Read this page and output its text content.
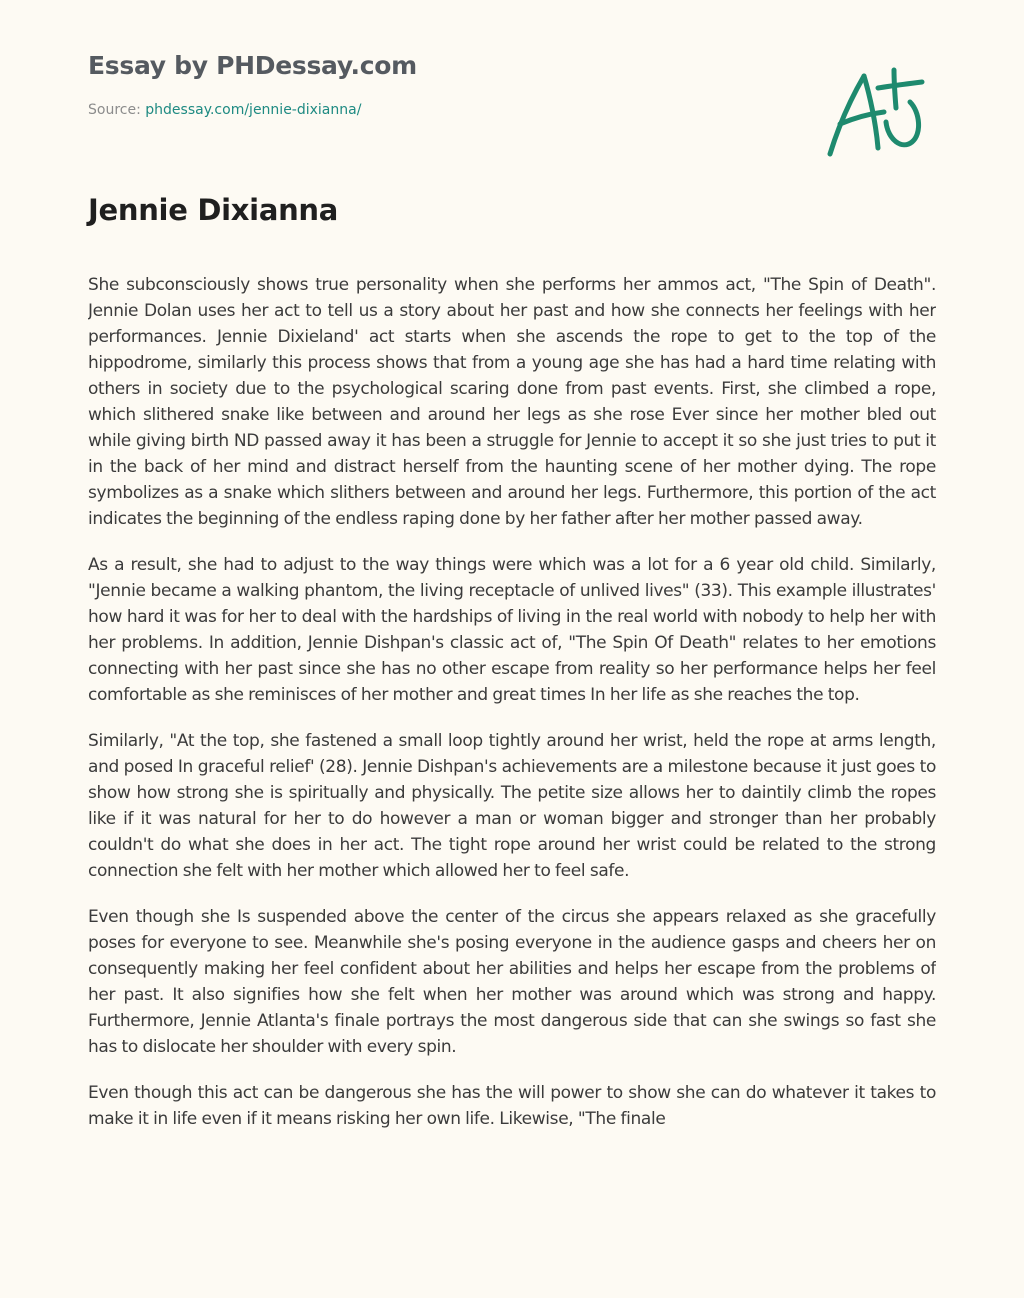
Essay by PHDessay.com
Source: phdessay.com/jennie-dixianna/
Jennie Dixianna

She subconsciously shows true personality when she performs her ammos act, "The Spin of Death". Jennie Dolan uses her act to tell us a story about her past and how she connects her feelings with her performances. Jennie Dixieland' act starts when she ascends the rope to get to the top of the hippodrome, similarly this process shows that from a young age she has had a hard time relating with others in society due to the psychological scaring done from past events. First, she climbed a rope, which slithered snake like between and around her legs as she rose Ever since her mother bled out while giving birth ND passed away it has been a struggle for Jennie to accept it so she just tries to put it in the back of her mind and distract herself from the haunting scene of her mother dying. The rope symbolizes as a snake which slithers between and around her legs. Furthermore, this portion of the act indicates the beginning of the endless raping done by her father after her mother passed away.

As a result, she had to adjust to the way things were which was a lot for a 6 year old child. Similarly, "Jennie became a walking phantom, the living receptacle of unlived lives" (33). This example illustrates' how hard it was for her to deal with the hardships of living in the real world with nobody to help her with her problems. In addition, Jennie Dishpan's classic act of, "The Spin Of Death" relates to her emotions connecting with her past since she has no other escape from reality so her performance helps her feel comfortable as she reminisces of her mother and great times In her life as she reaches the top.

Similarly, "At the top, she fastened a small loop tightly around her wrist, held the rope at arms length, and posed In graceful relief' (28). Jennie Dishpan's achievements are a milestone because it just goes to show how strong she is spiritually and physically. The petite size allows her to daintily climb the ropes like if it was natural for her to do however a man or woman bigger and stronger than her probably couldn't do what she does in her act. The tight rope around her wrist could be related to the strong connection she felt with her mother which allowed her to feel safe.

Even though she Is suspended above the center of the circus she appears relaxed as she gracefully poses for everyone to see. Meanwhile she's posing everyone in the audience gasps and cheers her on consequently making her feel confident about her abilities and helps her escape from the problems of her past. It also signifies how she felt when her mother was around which was strong and happy. Furthermore, Jennie Atlanta's finale portrays the most dangerous side that can she swings so fast she has to dislocate her shoulder with every spin.

Even though this act can be dangerous she has the will power to show she can do whatever it takes to make it in life even if it means risking her own life. Likewise, "The finale
